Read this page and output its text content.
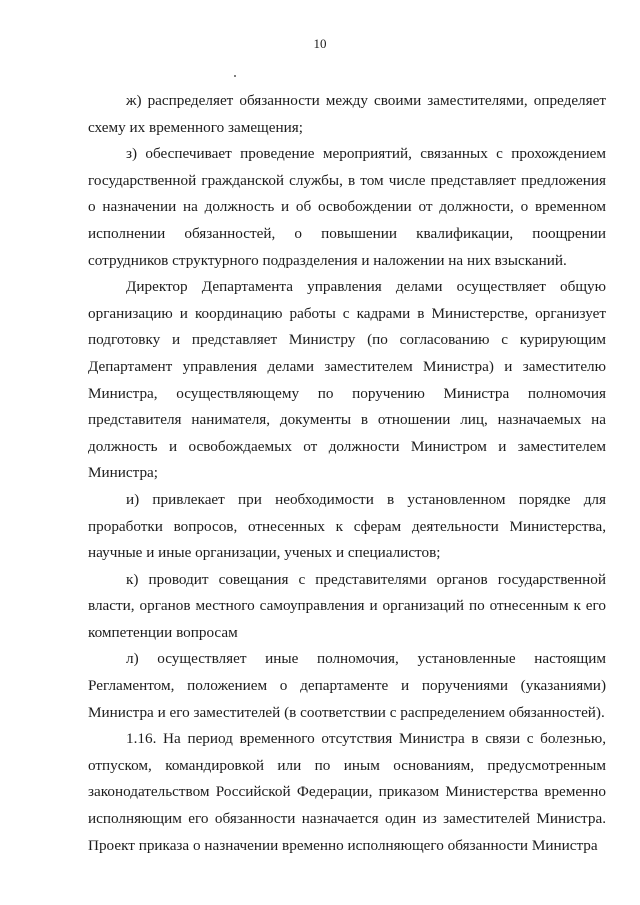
10

ж) распределяет обязанности между своими заместителями, определяет схему их временного замещения;

з) обеспечивает проведение мероприятий, связанных с прохождением государственной гражданской службы, в том числе представляет предложения о назначении на должность и об освобождении от должности, о временном исполнении обязанностей, о повышении квалификации, поощрении сотрудников структурного подразделения и наложении на них взысканий.

Директор Департамента управления делами осуществляет общую организацию и координацию работы с кадрами в Министерстве, организует подготовку и представляет Министру (по согласованию с курирующим Департамент управления делами заместителем Министра) и заместителю Министра, осуществляющему по поручению Министра полномочия представителя нанимателя, документы в отношении лиц, назначаемых на должность и освобождаемых от должности Министром и заместителем Министра;

и) привлекает при необходимости в установленном порядке для проработки вопросов, отнесенных к сферам деятельности Министерства, научные и иные организации, ученых и специалистов;

к) проводит совещания с представителями органов государственной власти, органов местного самоуправления и организаций по отнесенным к его компетенции вопросам

л) осуществляет иные полномочия, установленные настоящим Регламентом, положением о департаменте и поручениями (указаниями) Министра и его заместителей (в соответствии с распределением обязанностей).

1.16. На период временного отсутствия Министра в связи с болезнью, отпуском, командировкой или по иным основаниям, предусмотренным законодательством Российской Федерации, приказом Министерства временно исполняющим его обязанности назначается один из заместителей Министра. Проект приказа о назначении временно исполняющего обязанности Министра
